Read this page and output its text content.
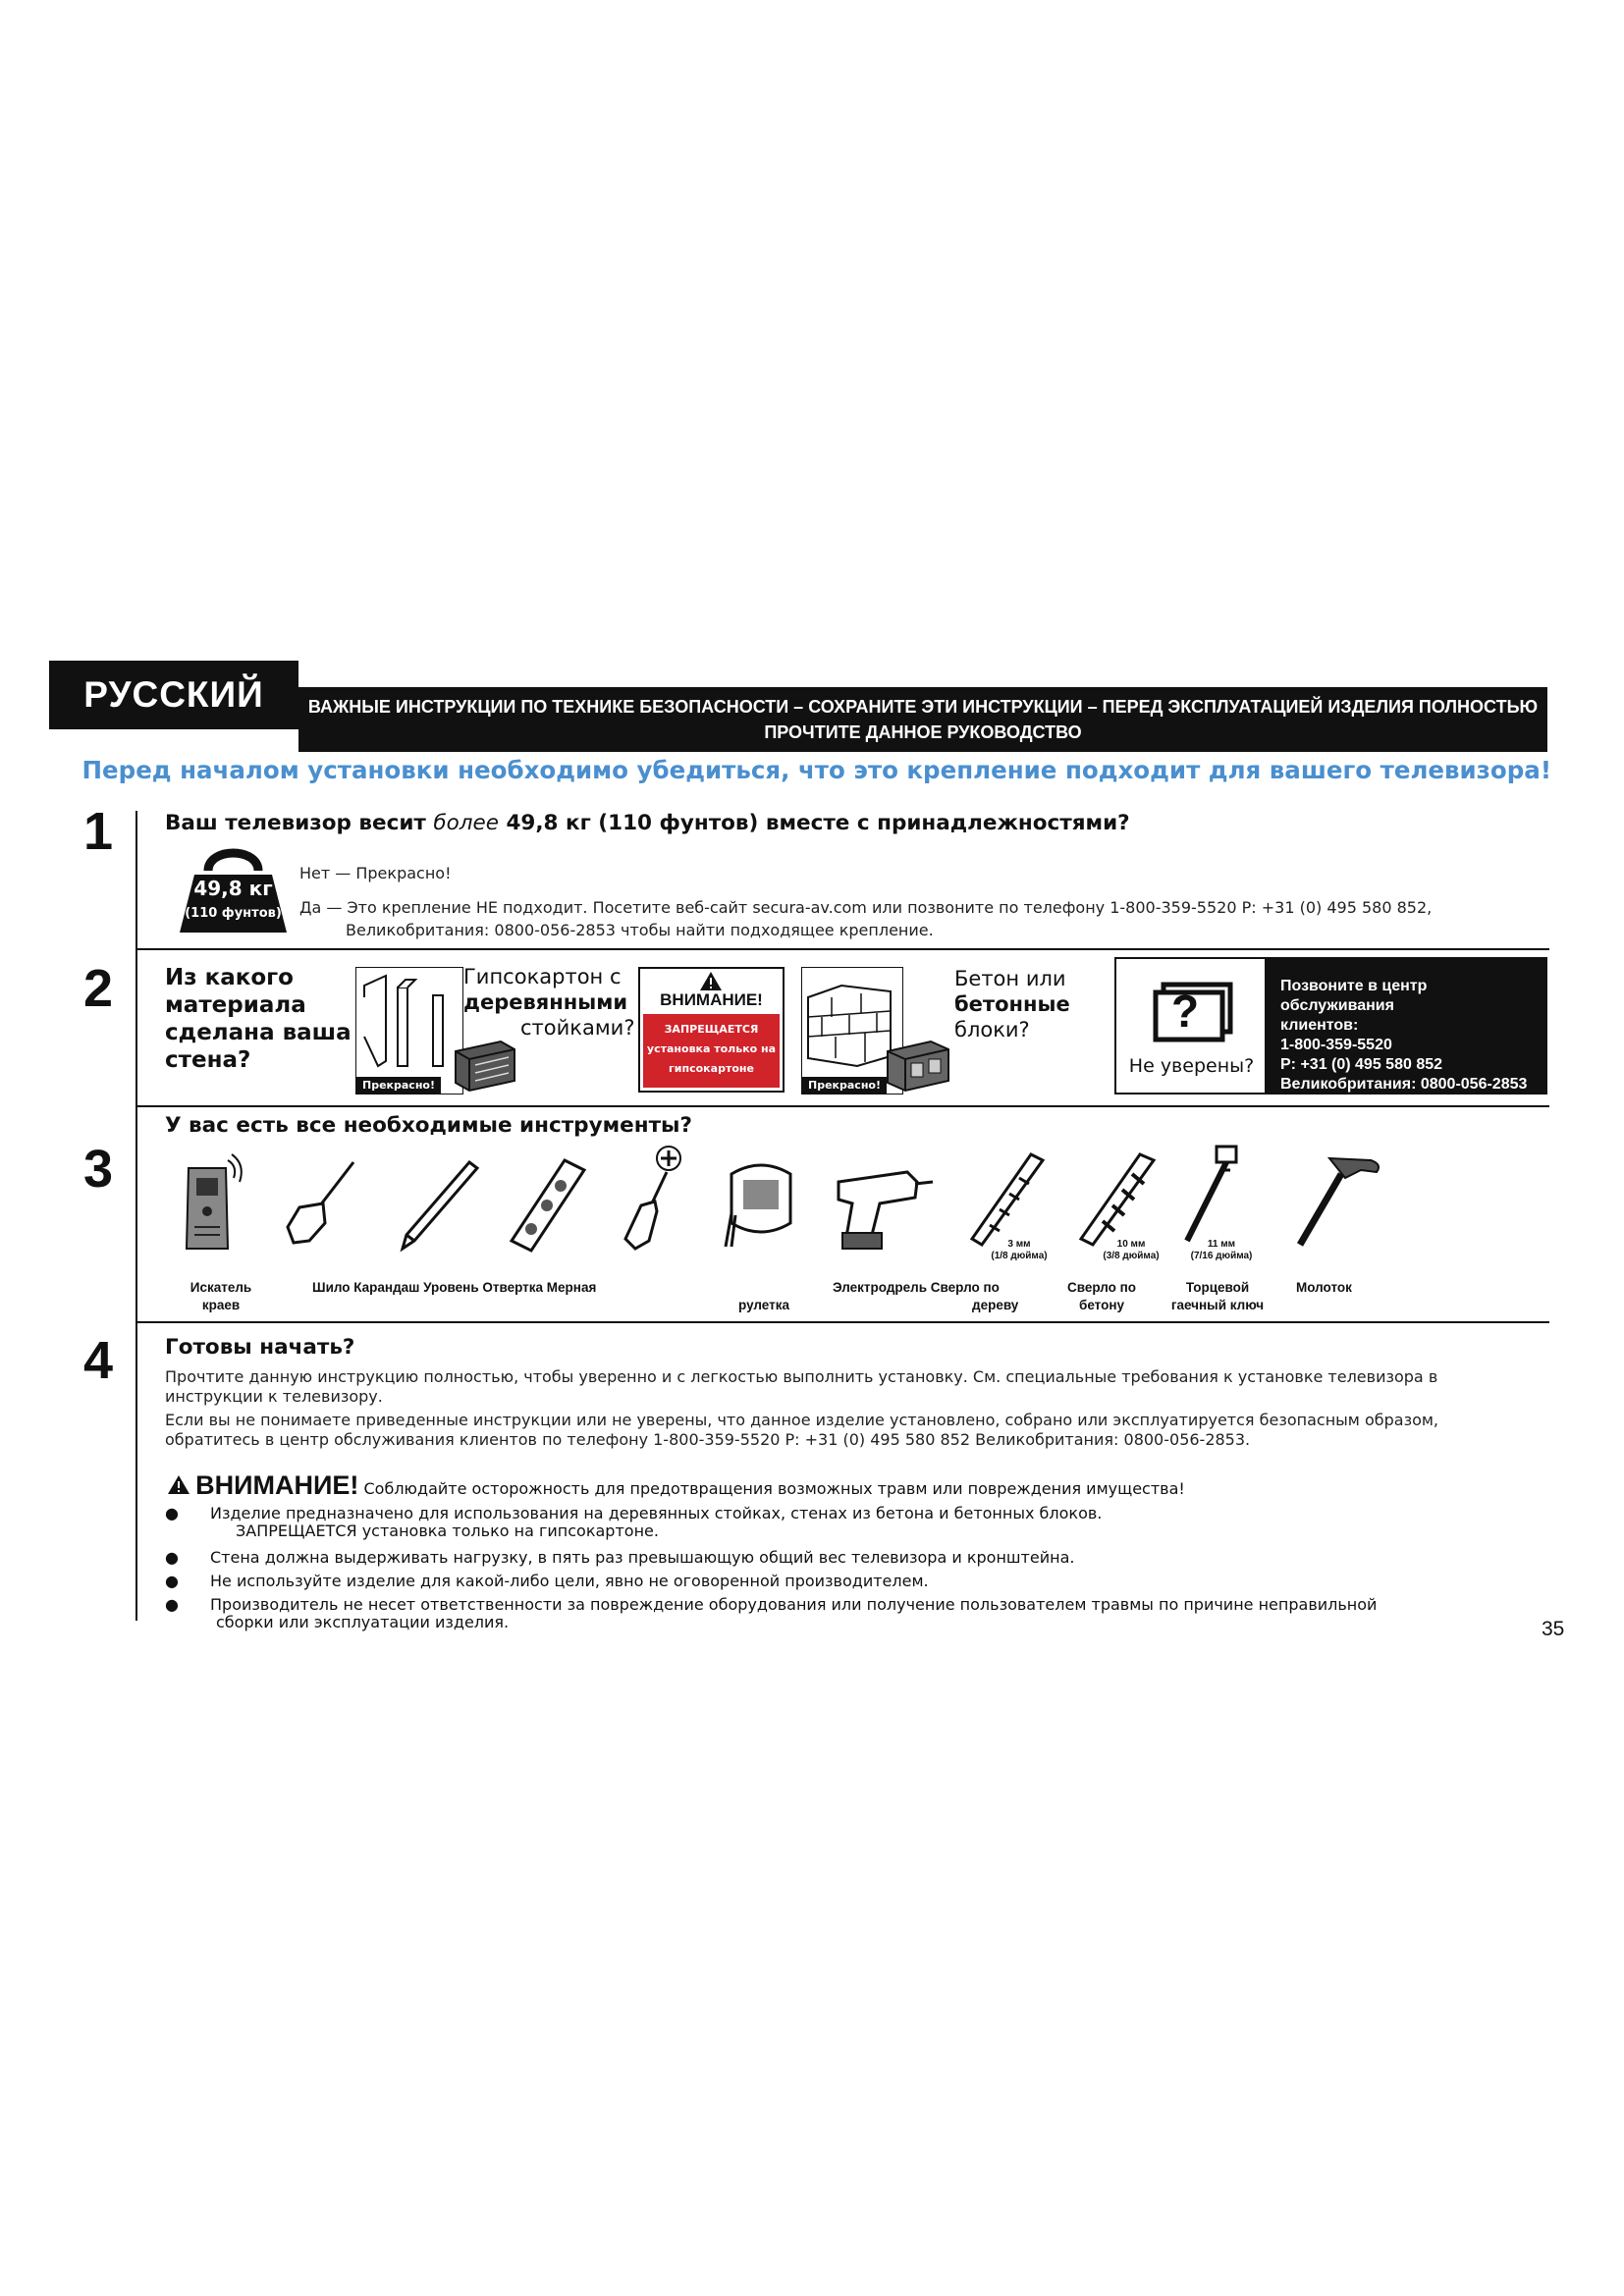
РУССКИЙ	ВАЖНЫЕ ИНСТРУКЦИИ ПО ТЕХНИКЕ БЕЗОПАСНОСТИ – СОХРАНИТЕ ЭТИ ИНСТРУКЦИИ – ПЕРЕД ЭКСПЛУАТАЦИЕЙ ИЗДЕЛИЯ ПОЛНОСТЬЮ
ПРОЧТИТЕ ДАННОЕ РУКОВОДСТВО
Перед началом установки необходимо убедиться, что это крепление подходит для вашего телевизора!
1 Ваш телевизор весит более 49,8 кг (110 фунтов) вместе с принадлежностями?
49,8 кг
(110 фунтов)
Нет — Прекрасно!
Да — Это крепление НЕ подходит. Посетите веб-сайт secura-av.com или позвоните по телефону 1-800-359-5520 P: +31 (0) 495 580 852,
Великобритания: 0800-056-2853 чтобы найти подходящее крепление.
2 Из какого
материала
сделана ваша
стена?
Прекрасно!
Гипсокартон с
деревянными
стойками?
ВНИМАНИЕ!
ЗАПРЕЩАЕТСЯ
установка только на
гипсокартоне
Прекрасно!
Бетон или
бетонные
блоки?	?
Не уверены?
Позвоните в центр обслуживания
клиентов:
1-800-359-5520
P: +31 (0) 495 580 852
Великобритания: 0800-056-2853
3
У вас есть все необходимые инструменты?
3 мм
(1/8 дюйма)
10 мм
(3/8 дюйма)
11 мм
(7/16 дюйма)
Искатель
краев
Шило Карандаш Уровень Отвертка Мерная
рулетка
Электродрель Сверло по
дереву
Сверло по
бетону
Торцевой
гаечный ключ
Молоток
4 Готовы начать?
Прочтите данную инструкцию полностью, чтобы уверенно и с легкостью выполнить установку. См. специальные требования к установке телевизора в
инструкции к телевизору.
Если вы не понимаете приведенные инструкции или не уверены, что данное изделие установлено, собрано или эксплуатируется безопасным образом,
обратитесь в центр обслуживания клиентов по телефону 1-800-359-5520 P: +31 (0) 495 580 852 Великобритания: 0800-056-2853.
ВНИМАНИЕ! Соблюдайте осторожность для предотвращения возможных травм или повреждения имущества!
● Изделие предназначено для использования на деревянных стойках, стенах из бетона и бетонных блоков.
ЗАПРЕЩАЕТСЯ установка только на гипсокартоне.
● Стена должна выдерживать нагрузку, в пять раз превышающую общий вес телевизора и кронштейна.
● Не используйте изделие для какой-либо цели, явно не оговоренной производителем.
● Производитель не несет ответственности за повреждение оборудования или получение пользователем травмы по причине неправильной
сборки или эксплуатации изделия.	35
